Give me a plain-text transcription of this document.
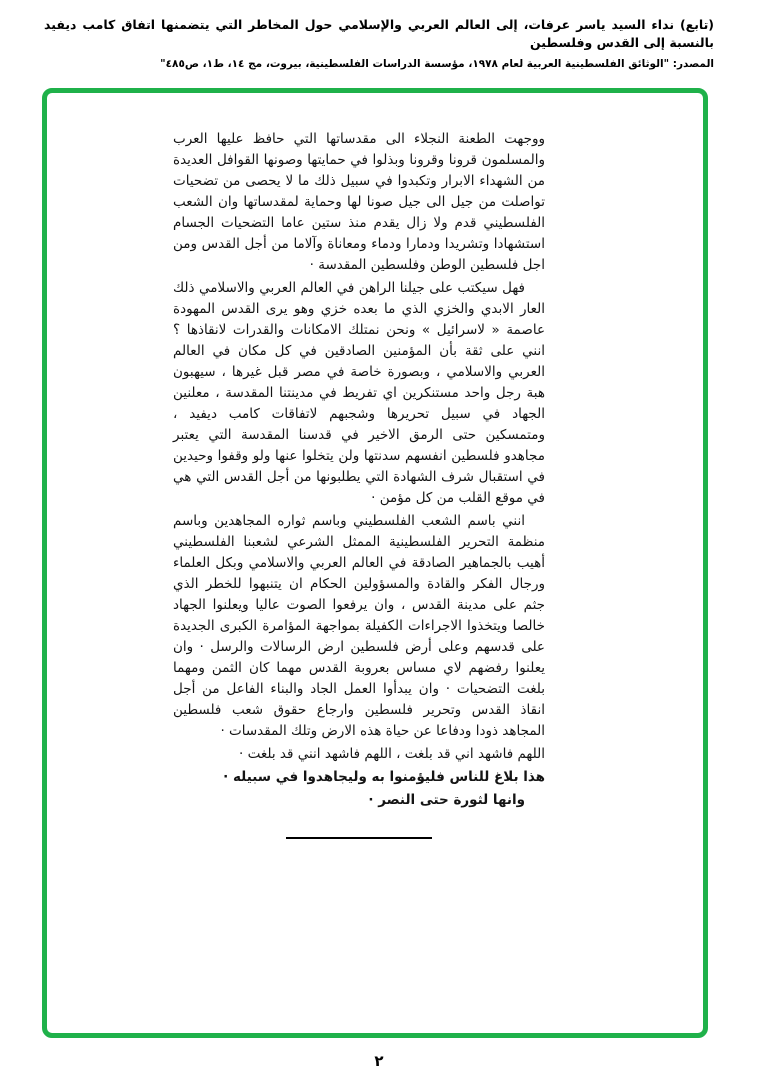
(تابع) نداء السيد ياسر عرفات، إلى العالم العربي والإسلامي حول المخاطر التي يتضمنها اتفاق كامب ديفيد بالنسبة إلى القدس وفلسطين
المصدر: "الوثائق الفلسطينية العربية لعام ١٩٧٨، مؤسسة الدراسات الفلسطينية، بيروت، مج ١٤، ط١، ص٤٨٥"

ووجهت الطعنة النجلاء الى مقدساتها التي حافظ عليها العرب والمسلمون قرونا وقرونا وبذلوا في حمايتها وصونها القوافل العديدة من الشهداء الابرار وتكبدوا في سبيل ذلك ما لا يحصى من تضحيات تواصلت من جيل الى جيل صونا لها وحماية لمقدساتها وان الشعب الفلسطيني قدم ولا زال يقدم منذ ستين عاما التضحيات الجسام استشهادا وتشريدا ودمارا ودماء ومعاناة وآلاما من أجل القدس ومن اجل فلسطين الوطن وفلسطين المقدسة ·

فهل سيكتب على جيلنا الراهن في العالم العربي والاسلامي ذلك العار الابدي والخزي الذي ما بعده خزي وهو يرى القدس المهودة عاصمة « لاسرائيل » ونحن نمتلك الامكانات والقدرات لانقاذها ؟ انني على ثقة بأن المؤمنين الصادقين في كل مكان في العالم العربي والاسلامي ، وبصورة خاصة في مصر قبل غيرها ، سيهبون هبة رجل واحد مستنكرين اي تفريط في مدينتنا المقدسة ، معلنين الجهاد في سبيل تحريرها وشجبهم لاتفاقات كامب ديفيد ، ومتمسكين حتى الرمق الاخير في قدسنا المقدسة التي يعتبر مجاهدو فلسطين انفسهم سدنتها ولن يتخلوا عنها ولو وقفوا وحيدين في استقبال شرف الشهادة التي يطلبونها من أجل القدس التي هي في موقع القلب من كل مؤمن ·

انني باسم الشعب الفلسطيني وباسم ثواره المجاهدين وباسم منظمة التحرير الفلسطينية الممثل الشرعي لشعبنا الفلسطيني أهيب بالجماهير الصادقة في العالم العربي والاسلامي وبكل العلماء ورجال الفكر والقادة والمسؤولين الحكام ان يتنبهوا للخطر الذي جثم على مدينة القدس ، وان يرفعوا الصوت عاليا ويعلنوا الجهاد خالصا ويتخذوا الاجراءات الكفيلة بمواجهة المؤامرة الكبرى الجديدة على قدسهم وعلى أرض فلسطين ارض الرسالات والرسل · وان يعلنوا رفضهم لاي مساس بعروبة القدس مهما كان الثمن ومهما بلغت التضحيات · وان يبدأوا العمل الجاد والبناء الفاعل من أجل انقاذ القدس وتحرير فلسطين وارجاع حقوق شعب فلسطين المجاهد ذودا ودفاعا عن حياة هذه الارض وتلك المقدسات ·

اللهم فاشهد اني قد بلغت ، اللهم فاشهد انني قد بلغت ·

هذا بلاغ للناس فليؤمنوا به وليجاهدوا في سبيله ·

وانها لثورة حتى النصر ·

٢
